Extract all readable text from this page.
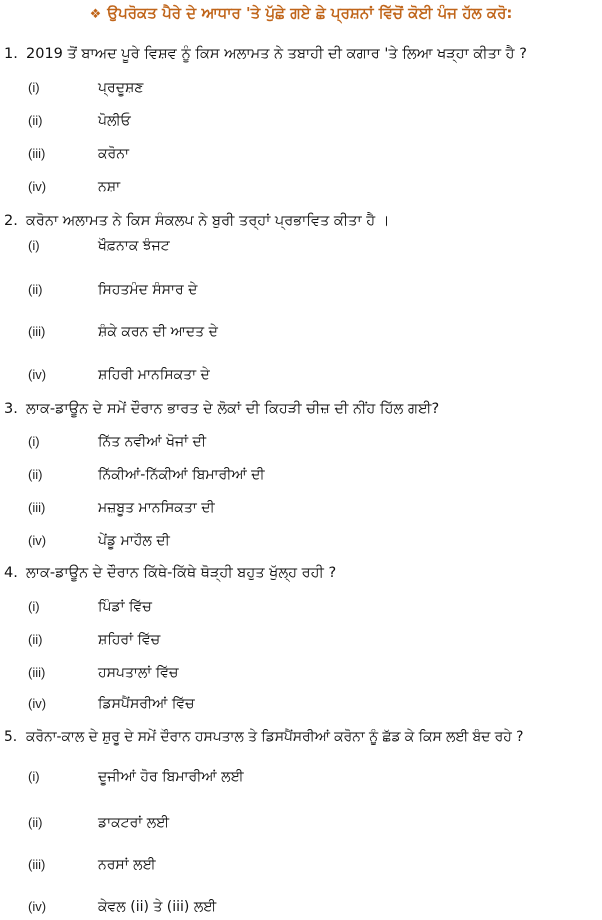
❖ ਉਪਰੋਕਤ ਪੈਰੇ ਦੇ ਆਧਾਰ 'ਤੇ ਪੁੱਛੇ ਗਏ ਛੇ ਪ੍ਰਸ਼ਨਾਂ ਵਿੱਚੋਂ ਕੋਈ ਪੰਜ ਹੱਲ ਕਰੋ:
1. 2019 ਤੋਂ ਬਾਅਦ ਪੂਰੇ ਵਿਸ਼ਵ ਨੂੰ ਕਿਸ ਅਲਾਮਤ ਨੇ ਤਬਾਹੀ ਦੀ ਕਗਾਰ 'ਤੇ ਲਿਆ ਖੜ੍ਹਾ ਕੀਤਾ ਹੈ ?
(i)	ਪ੍ਰਦੂਸ਼ਣ
(ii)	ਪੋਲੀਓ
(iii)	ਕਰੋਨਾ
(iv)	ਨਸ਼ਾ
2. ਕਰੋਨਾ ਅਲਾਮਤ ਨੇ ਕਿਸ ਸੰਕਲਪ ਨੇ ਬੁਰੀ ਤਰ੍ਹਾਂ ਪ੍ਰਭਾਵਿਤ ਕੀਤਾ ਹੈ ।
(i)	ਖੌਫ਼ਨਾਕ ਝੰਜਟ
(ii)	ਸਿਹਤਮੰਦ ਸੰਸਾਰ ਦੇ
(iii)	ਸ਼ੰਕੇ ਕਰਨ ਦੀ ਆਦਤ ਦੇ
(iv)	ਸ਼ਹਿਰੀ ਮਾਨਸਿਕਤਾ ਦੇ
3. ਲਾਕ-ਡਾਊਨ ਦੇ ਸਮੇਂ ਦੌਰਾਨ ਭਾਰਤ ਦੇ ਲੋਕਾਂ ਦੀ ਕਿਹੜੀ ਚੀਜ਼ ਦੀ ਨੀਂਹ ਹਿੱਲ ਗਈ?
(i)	ਨਿੱਤ ਨਵੀਆਂ ਖੋਜਾਂ ਦੀ
(ii)	ਨਿੱਕੀਆਂ-ਨਿੱਕੀਆਂ ਬਿਮਾਰੀਆਂ ਦੀ
(iii)	ਮਜ਼ਬੂਤ ਮਾਨਸਿਕਤਾ ਦੀ
(iv)	ਪੇਂਡੂ ਮਾਹੌਲ ਦੀ
4. ਲਾਕ-ਡਾਊਨ ਦੇ ਦੌਰਾਨ ਕਿੱਥੇ-ਕਿੱਥੇ ਥੋੜ੍ਹੀ ਬਹੁਤ ਖੁੱਲ੍ਹ ਰਹੀ ?
(i)	ਪਿੰਡਾਂ ਵਿੱਚ
(ii)	ਸ਼ਹਿਰਾਂ ਵਿੱਚ
(iii)	ਹਸਪਤਾਲਾਂ ਵਿੱਚ
(iv)	ਡਿਸਪੈਂਸਰੀਆਂ ਵਿੱਚ
5. ਕਰੋਨਾ-ਕਾਲ ਦੇ ਸ਼ੁਰੂ ਦੇ ਸਮੇਂ ਦੌਰਾਨ ਹਸਪਤਾਲ ਤੇ ਡਿਸਪੈਂਸਰੀਆਂ ਕਰੋਨਾ ਨੂੰ ਛੱਡ ਕੇ ਕਿਸ ਲਈ ਬੰਦ ਰਹੇ ?
(i)	ਦੂਜੀਆਂ ਹੋਰ ਬਿਮਾਰੀਆਂ ਲਈ
(ii)	ਡਾਕਟਰਾਂ ਲਈ
(iii)	ਨਰਸਾਂ ਲਈ
(iv)	ਕੇਵਲ (ii) ਤੇ (iii) ਲਈ
